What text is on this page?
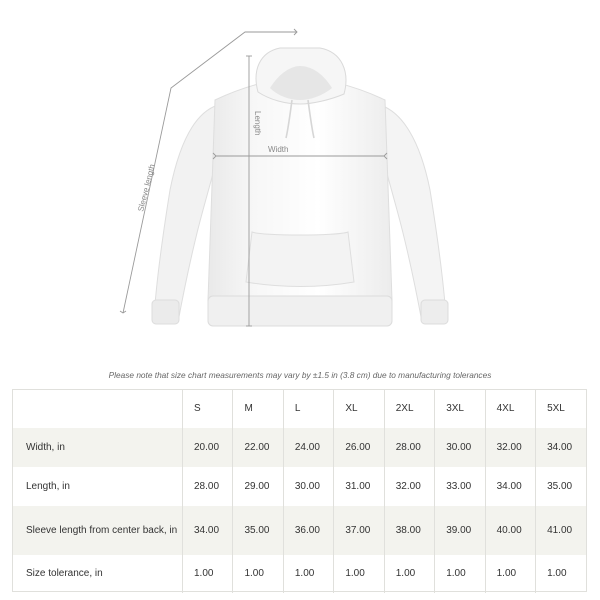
Length
Width
Sleeve length
Please note that size chart measurements may vary by ±1.5 in (3.8 cm) due to manufacturing tolerances
	S	M	L	XL	2XL	3XL	4XL	5XL
Width, in	20.00	22.00	24.00	26.00	28.00	30.00	32.00	34.00
Length, in	28.00	29.00	30.00	31.00	32.00	33.00	34.00	35.00
Sleeve length from center back, in	34.00	35.00	36.00	37.00	38.00	39.00	40.00	41.00
Size tolerance, in	1.00	1.00	1.00	1.00	1.00	1.00	1.00	1.00
